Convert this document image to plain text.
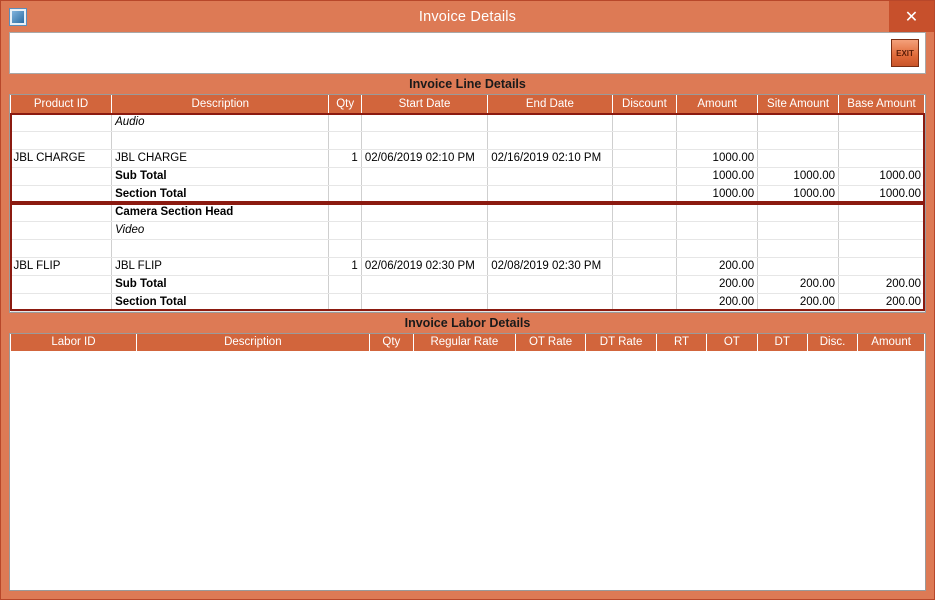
Invoice Details	✕
EXIT
Invoice Line Details
Product ID	Description	Qty	Start Date	End Date	Discount	Amount	Site Amount	Base Amount
	Audio							

JBL CHARGE	JBL CHARGE	1	02/06/2019 02:10 PM	02/16/2019 02:10 PM		1000.00		
	Sub Total					1000.00	1000.00	1000.00
	Section Total					1000.00	1000.00	1000.00
	Camera Section Head							
	Video							

JBL FLIP	JBL FLIP	1	02/06/2019 02:30 PM	02/08/2019 02:30 PM		200.00		
	Sub Total					200.00	200.00	200.00
	Section Total					200.00	200.00	200.00
Invoice Labor Details
Labor ID	Description	Qty	Regular Rate	OT Rate	DT Rate	RT	OT	DT	Disc.	Amount
